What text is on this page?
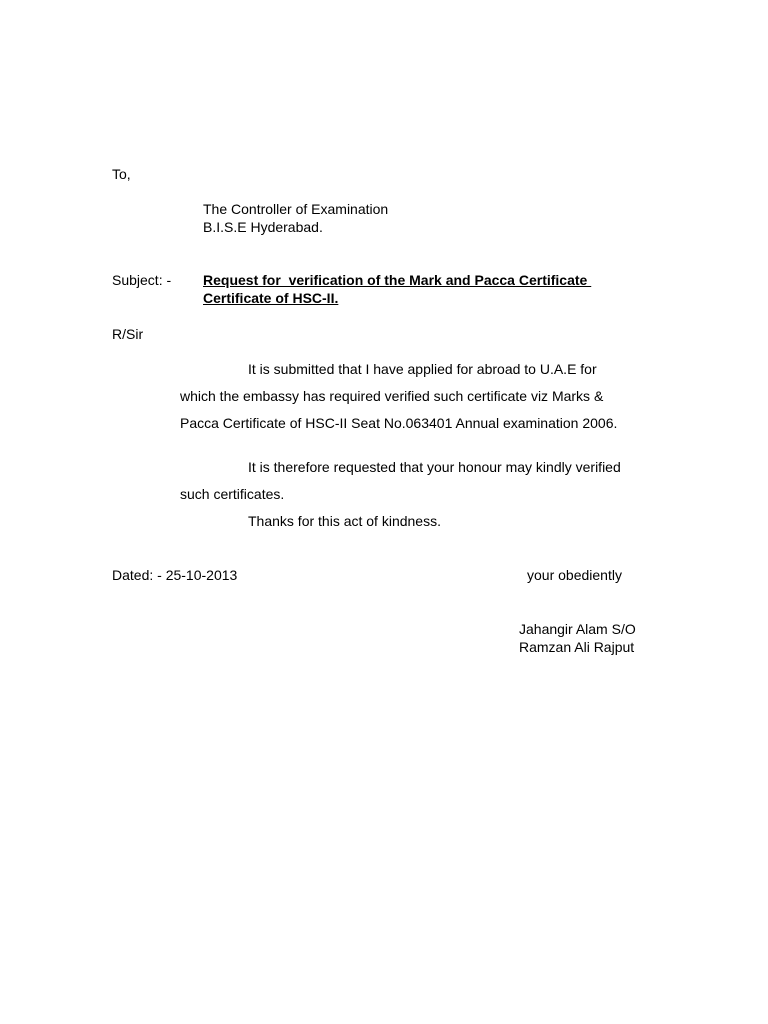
To,
The Controller of Examination
B.I.S.E Hyderabad.
Subject: - Request for  verification of the Mark and Pacca Certificate
Certificate of HSC-II.
R/Sir
It is submitted that I have applied for abroad to U.A.E for
which the embassy has required verified such certificate viz Marks &
Pacca Certificate of HSC-II Seat No.063401 Annual examination 2006.
It is therefore requested that your honour may kindly verified
such certificates.
Thanks for this act of kindness.
Dated: - 25-10-2013	your obediently
Jahangir Alam S/O
Ramzan Ali Rajput
